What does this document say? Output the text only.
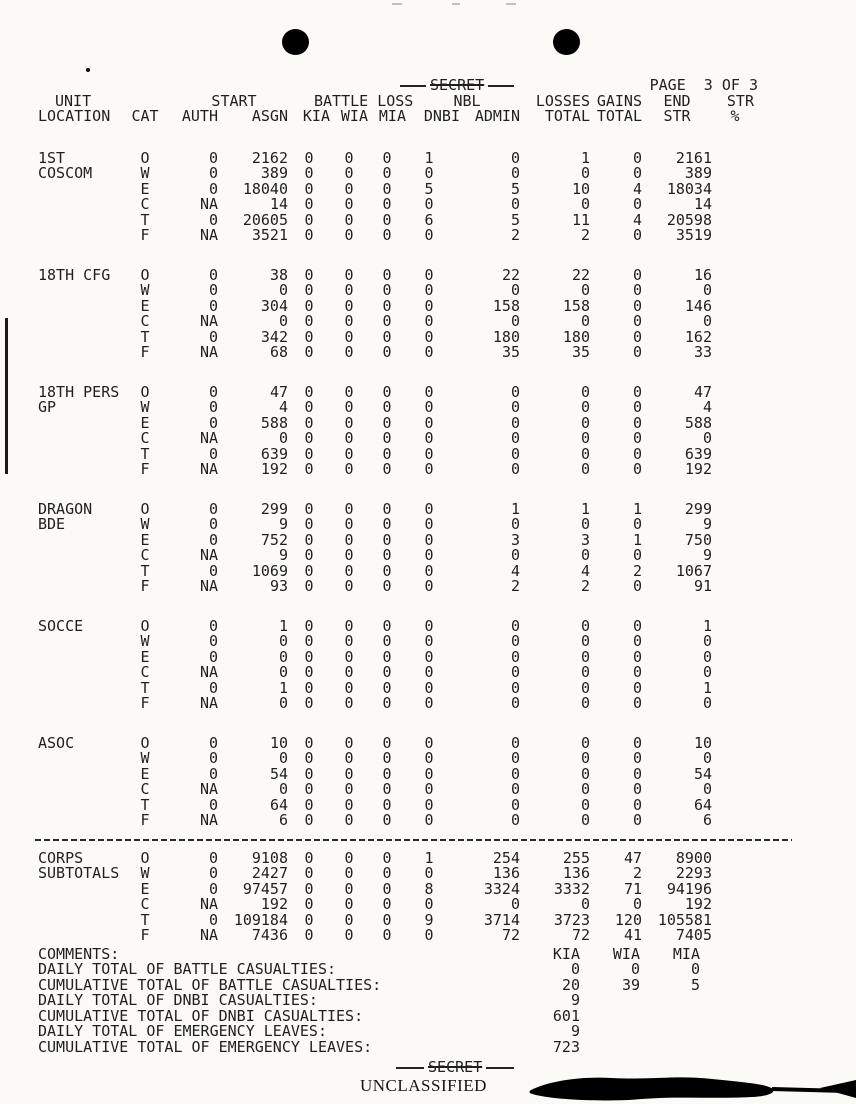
SECRET	PAGE  3 OF 3
UNIT		START	BATTLE LOSS	NBL	LOSSES	GAINS	END	STR
LOCATION	CAT	AUTH	ASGN	KIA	WIA	MIA	DNBI	ADMIN	TOTAL	TOTAL	STR	%

1ST	O	0	2162	0	0	0	1	0	1	0	2161	
COSCOM	W	0	389	0	0	0	0	0	0	0	389	
	E	0	18040	0	0	0	5	5	10	4	18034	
	C	NA	14	0	0	0	0	0	0	0	14	
	T	0	20605	0	0	0	6	5	11	4	20598	
	F	NA	3521	0	0	0	0	2	2	0	3519	

18TH CFG	O	0	38	0	0	0	0	22	22	0	16	
	W	0	0	0	0	0	0	0	0	0	0	
	E	0	304	0	0	0	0	158	158	0	146	
	C	NA	0	0	0	0	0	0	0	0	0	
	T	0	342	0	0	0	0	180	180	0	162	
	F	NA	68	0	0	0	0	35	35	0	33	

18TH PERS	O	0	47	0	0	0	0	0	0	0	47	
GP	W	0	4	0	0	0	0	0	0	0	4	
	E	0	588	0	0	0	0	0	0	0	588	
	C	NA	0	0	0	0	0	0	0	0	0	
	T	0	639	0	0	0	0	0	0	0	639	
	F	NA	192	0	0	0	0	0	0	0	192	

DRAGON	O	0	299	0	0	0	0	1	1	1	299	
BDE	W	0	9	0	0	0	0	0	0	0	9	
	E	0	752	0	0	0	0	3	3	1	750	
	C	NA	9	0	0	0	0	0	0	0	9	
	T	0	1069	0	0	0	0	4	4	2	1067	
	F	NA	93	0	0	0	0	2	2	0	91	

SOCCE	O	0	1	0	0	0	0	0	0	0	1	
	W	0	0	0	0	0	0	0	0	0	0	
	E	0	0	0	0	0	0	0	0	0	0	
	C	NA	0	0	0	0	0	0	0	0	0	
	T	0	1	0	0	0	0	0	0	0	1	
	F	NA	0	0	0	0	0	0	0	0	0	

ASOC	O	0	10	0	0	0	0	0	0	0	10	
	W	0	0	0	0	0	0	0	0	0	0	
	E	0	54	0	0	0	0	0	0	0	54	
	C	NA	0	0	0	0	0	0	0	0	0	
	T	0	64	0	0	0	0	0	0	0	64	
	F	NA	6	0	0	0	0	0	0	0	6	

CORPS	O	0	9108	0	0	0	1	254	255	47	8900	
SUBTOTALS	W	0	2427	0	0	0	0	136	136	2	2293	
	E	0	97457	0	0	0	8	3324	3332	71	94196	
	C	NA	192	0	0	0	0	0	0	0	192	
	T	0	109184	0	0	0	9	3714	3723	120	105581	
	F	NA	7436	0	0	0	0	72	72	41	7405	
COMMENTS:	KIA	WIA	MIA
DAILY TOTAL OF BATTLE CASUALTIES:	0	0	0
CUMULATIVE TOTAL OF BATTLE CASUALTIES:	20	39	5
DAILY TOTAL OF DNBI CASUALTIES:	9
CUMULATIVE TOTAL OF DNBI CASUALTIES:	601
DAILY TOTAL OF EMERGENCY LEAVES:	9
CUMULATIVE TOTAL OF EMERGENCY LEAVES:	723
SECRET
UNCLASSIFIED
